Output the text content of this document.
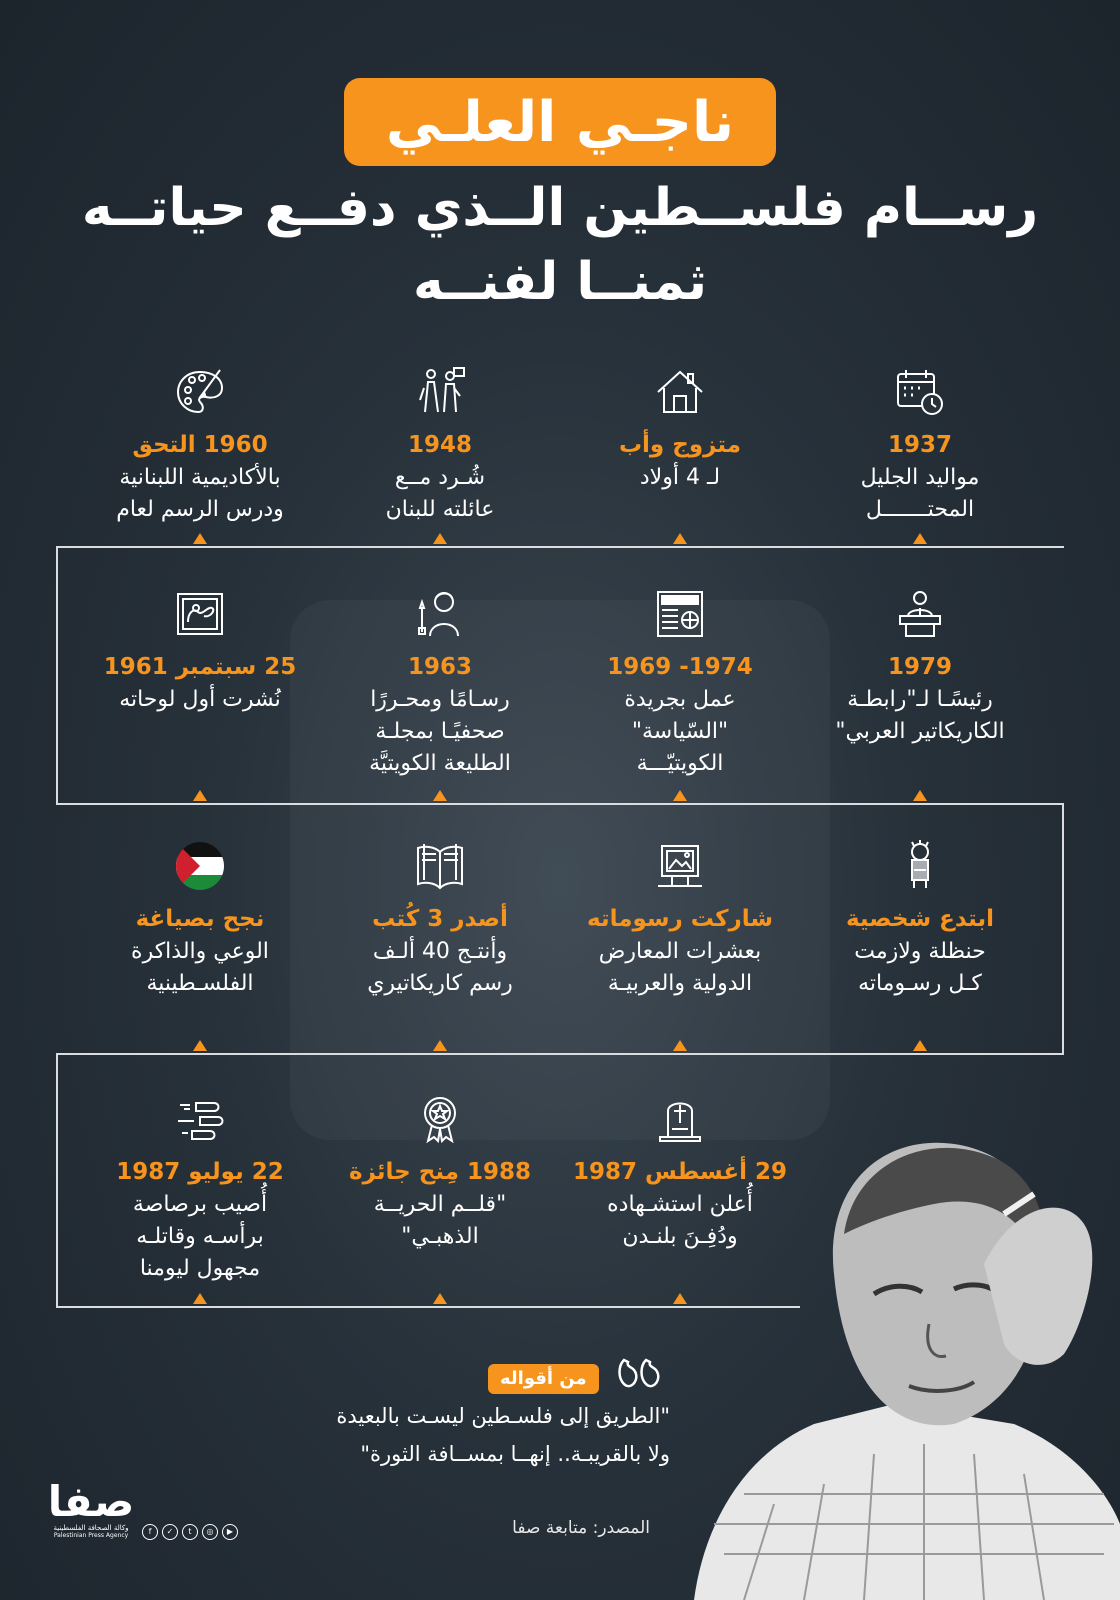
ناجـي العلـي
رســام فلســطين الــذي دفــع حياتــه
ثمنــا لفنــه
1937
مواليد الجليل
المحتـــــــل
متزوج وأب
لـ 4 أولاد
1948
شُـرد مــع
عائلته للبنان
1960 التحق
بالأكاديمية اللبنانية
ودرس الرسم لعام
1979
رئيسًـا لـ"رابطـة
الكاريكاتير العربي"
1974- 1969
عمل بجريدة
"السّياسة"
الكويتيّـــة
1963
رسـامًا ومحـررًا
صحفيًـا بمجلـة
الطليعة الكويتيَّة
25 سبتمبر 1961
نُشرت أول لوحاته
ابتدع شخصية
حنظلة ولازمت
كـل رسـوماته
شاركت رسوماته
بعشرات المعارض
الدولية والعربيـة
أصدر 3 كُتب
وأنتـج 40 ألـف
رسم كاريكاتيري
نجح بصياغة
الوعي والذاكرة
الفلسـطينية
29 أغسطس 1987
أُعلن استشـهاده
ودُفِـنَ بلنـدن
1988 مِنح جائزة
"قلــم الحريــة
الذهبـي"
22 يوليو 1987
أُصيب برصاصة
برأسـه وقاتلـه
مجهول ليومنا
من أقواله
"الطريق إلى فلسـطين ليسـت بالبعيدة
ولا بالقريبـة.. إنهــا بمســافة الثورة"
المصدر: متابعة صفا
صفا
وكالة الصحافة الفلسطينية
Palestinian Press Agency	f	✓	t	◎	▶
